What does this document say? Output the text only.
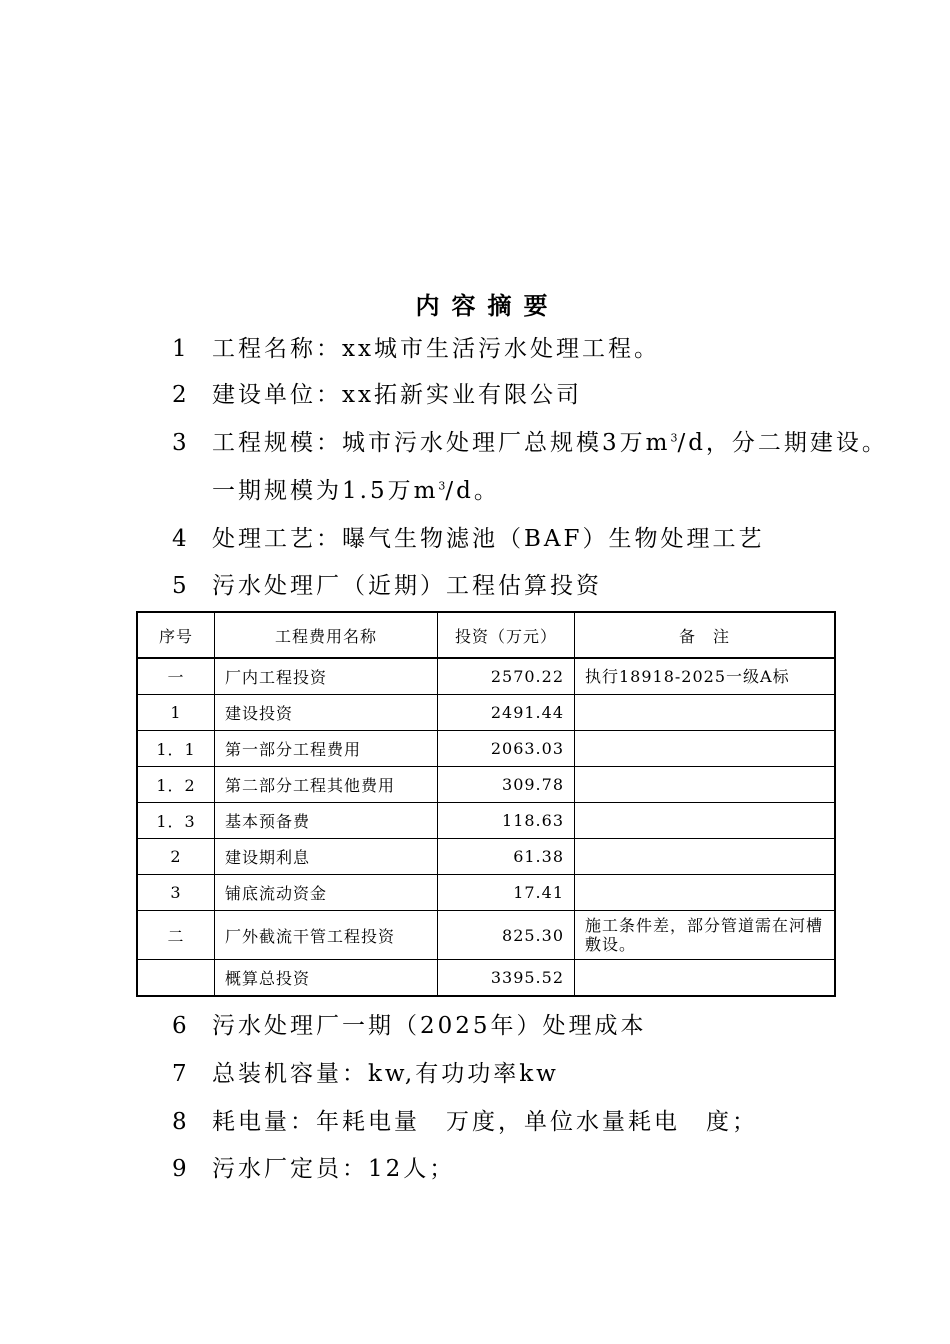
内容摘要
1 工程名称：xx城市生活污水处理工程。
2 建设单位：xx拓新实业有限公司
3 工程规模：城市污水处理厂总规模3万$m^3/d$，分二期建设。
一期规模为1.5万$m^3/d$。
4 处理工艺：曝气生物滤池（BAF）生物处理工艺
5 污水处理厂（近期）工程估算投资
序号	工程费用名称	投资（万元）	备　注
一	厂内工程投资	2570.22	执行18918-2025一级A标
1	建设投资	2491.44	
1．1	第一部分工程费用	2063.03	
1．2	第二部分工程其他费用	309.78	
1．3	基本预备费	118.63	
2	建设期利息	61.38	
3	铺底流动资金	17.41	
二	厂外截流干管工程投资	825.30	施工条件差，部分管道需在河槽敷设。
	概算总投资	3395.52	
6 污水处理厂一期（2025年）处理成本
7 总装机容量：kw,有功功率kw
8 耗电量：年耗电量　万度，单位水量耗电　度；
9 污水厂定员：12人；
